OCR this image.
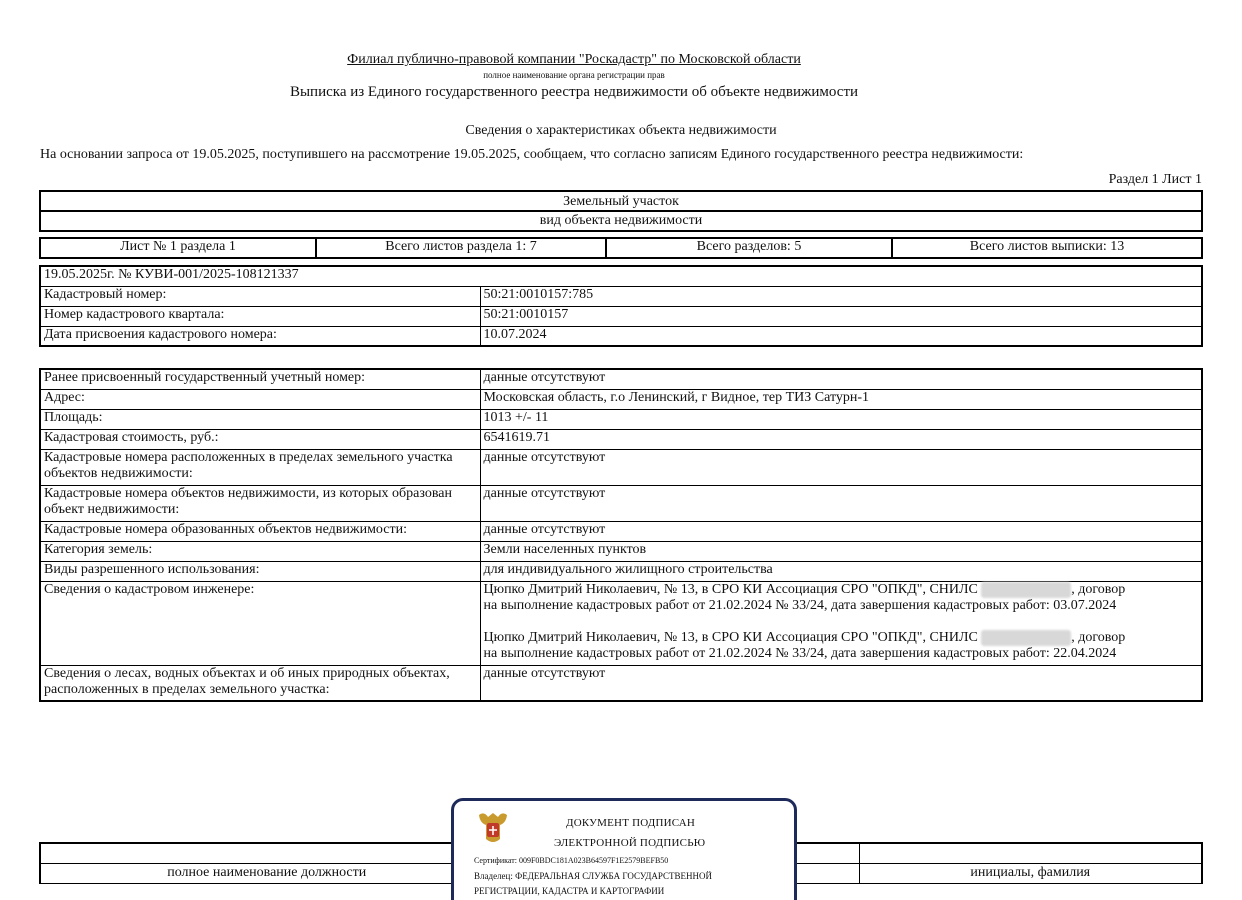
Филиал публично-правовой компании "Роскадастр" по Московской области
полное наименование органа регистрации прав
Выписка из Единого государственного реестра недвижимости об объекте недвижимости
Сведения о характеристиках объекта недвижимости
На основании запроса от 19.05.2025, поступившего на рассмотрение 19.05.2025, сообщаем, что согласно записям Единого государственного реестра недвижимости:
Раздел 1 Лист 1
Земельный участок
вид объекта недвижимости
Лист № 1 раздела 1	Всего листов раздела 1: 7	Всего разделов: 5	Всего листов выписки: 13
19.05.2025г. № КУВИ-001/2025-108121337	
Кадастровый номер:	50:21:0010157:785
Номер кадастрового квартала:	50:21:0010157
Дата присвоения кадастрового номера:	10.07.2024
Ранее присвоенный государственный учетный номер:	данные отсутствуют
Адрес:	Московская область, г.о Ленинский, г Видное, тер ТИЗ Сатурн-1
Площадь:	1013 +/- 11
Кадастровая стоимость, руб.:	6541619.71
Кадастровые номера расположенных в пределах земельного участка объектов недвижимости:	данные отсутствуют
Кадастровые номера объектов недвижимости, из которых образован объект недвижимости:	данные отсутствуют
Кадастровые номера образованных объектов недвижимости:	данные отсутствуют
Категория земель:	Земли населенных пунктов
Виды разрешенного использования:	для индивидуального жилищного строительства
Сведения о кадастровом инженере:	Цюпко Дмитрий Николаевич, № 13, в СРО КИ Ассоциация СРО "ОПКД", СНИЛС , договор
на выполнение кадастровых работ от 21.02.2024 № 33/24, дата завершения кадастровых работ: 03.07.2024
Цюпко Дмитрий Николаевич, № 13, в СРО КИ Ассоциация СРО "ОПКД", СНИЛС , договор
на выполнение кадастровых работ от 21.02.2024 № 33/24, дата завершения кадастровых работ: 22.04.2024

Сведения о лесах, водных объектах и об иных природных объектах, расположенных в пределах земельного участка:	данные отсутствуют

полное наименование должности		инициалы, фамилия
ДОКУМЕНТ ПОДПИСАН
ЭЛЕКТРОННОЙ ПОДПИСЬЮ
Сертификат: 009F0BDC181A023B64597F1E2579BEFB50
Владелец: ФЕДЕРАЛЬНАЯ СЛУЖБА ГОСУДАРСТВЕННОЙ
РЕГИСТРАЦИИ, КАДАСТРА И КАРТОГРАФИИ
